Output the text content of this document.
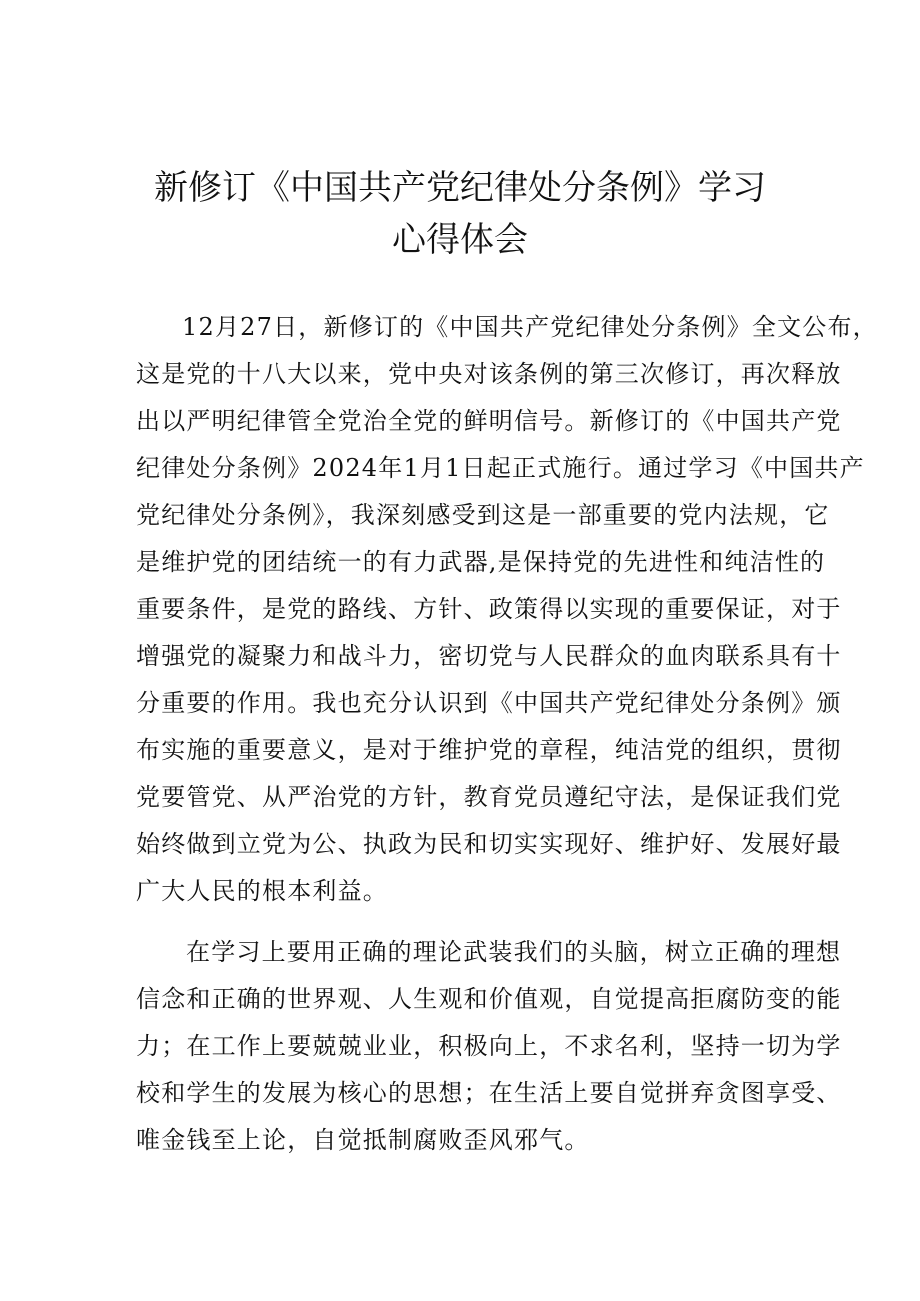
新修订《中国共产党纪律处分条例》学习
心得体会

12月27日，新修订的《中国共产党纪律处分条例》全文公布，

这是党的十八大以来，党中央对该条例的第三次修订，再次释放

出以严明纪律管全党治全党的鲜明信号。新修订的《中国共产党

纪律处分条例》2024年1月1日起正式施行。通过学习《中国共产

党纪律处分条例》，我深刻感受到这是一部重要的党内法规，它

是维护党的团结统一的有力武器,是保持党的先进性和纯洁性的

重要条件，是党的路线、方针、政策得以实现的重要保证，对于

增强党的凝聚力和战斗力，密切党与人民群众的血肉联系具有十

分重要的作用。我也充分认识到《中国共产党纪律处分条例》颁

布实施的重要意义，是对于维护党的章程，纯洁党的组织，贯彻

党要管党、从严治党的方针，教育党员遵纪守法，是保证我们党

始终做到立党为公、执政为民和切实实现好、维护好、发展好最

广大人民的根本利益。

在学习上要用正确的理论武装我们的头脑，树立正确的理想

信念和正确的世界观、人生观和价值观，自觉提高拒腐防变的能

力；在工作上要兢兢业业，积极向上，不求名利，坚持一切为学

校和学生的发展为核心的思想；在生活上要自觉拼弃贪图享受、

唯金钱至上论，自觉抵制腐败歪风邪气。
